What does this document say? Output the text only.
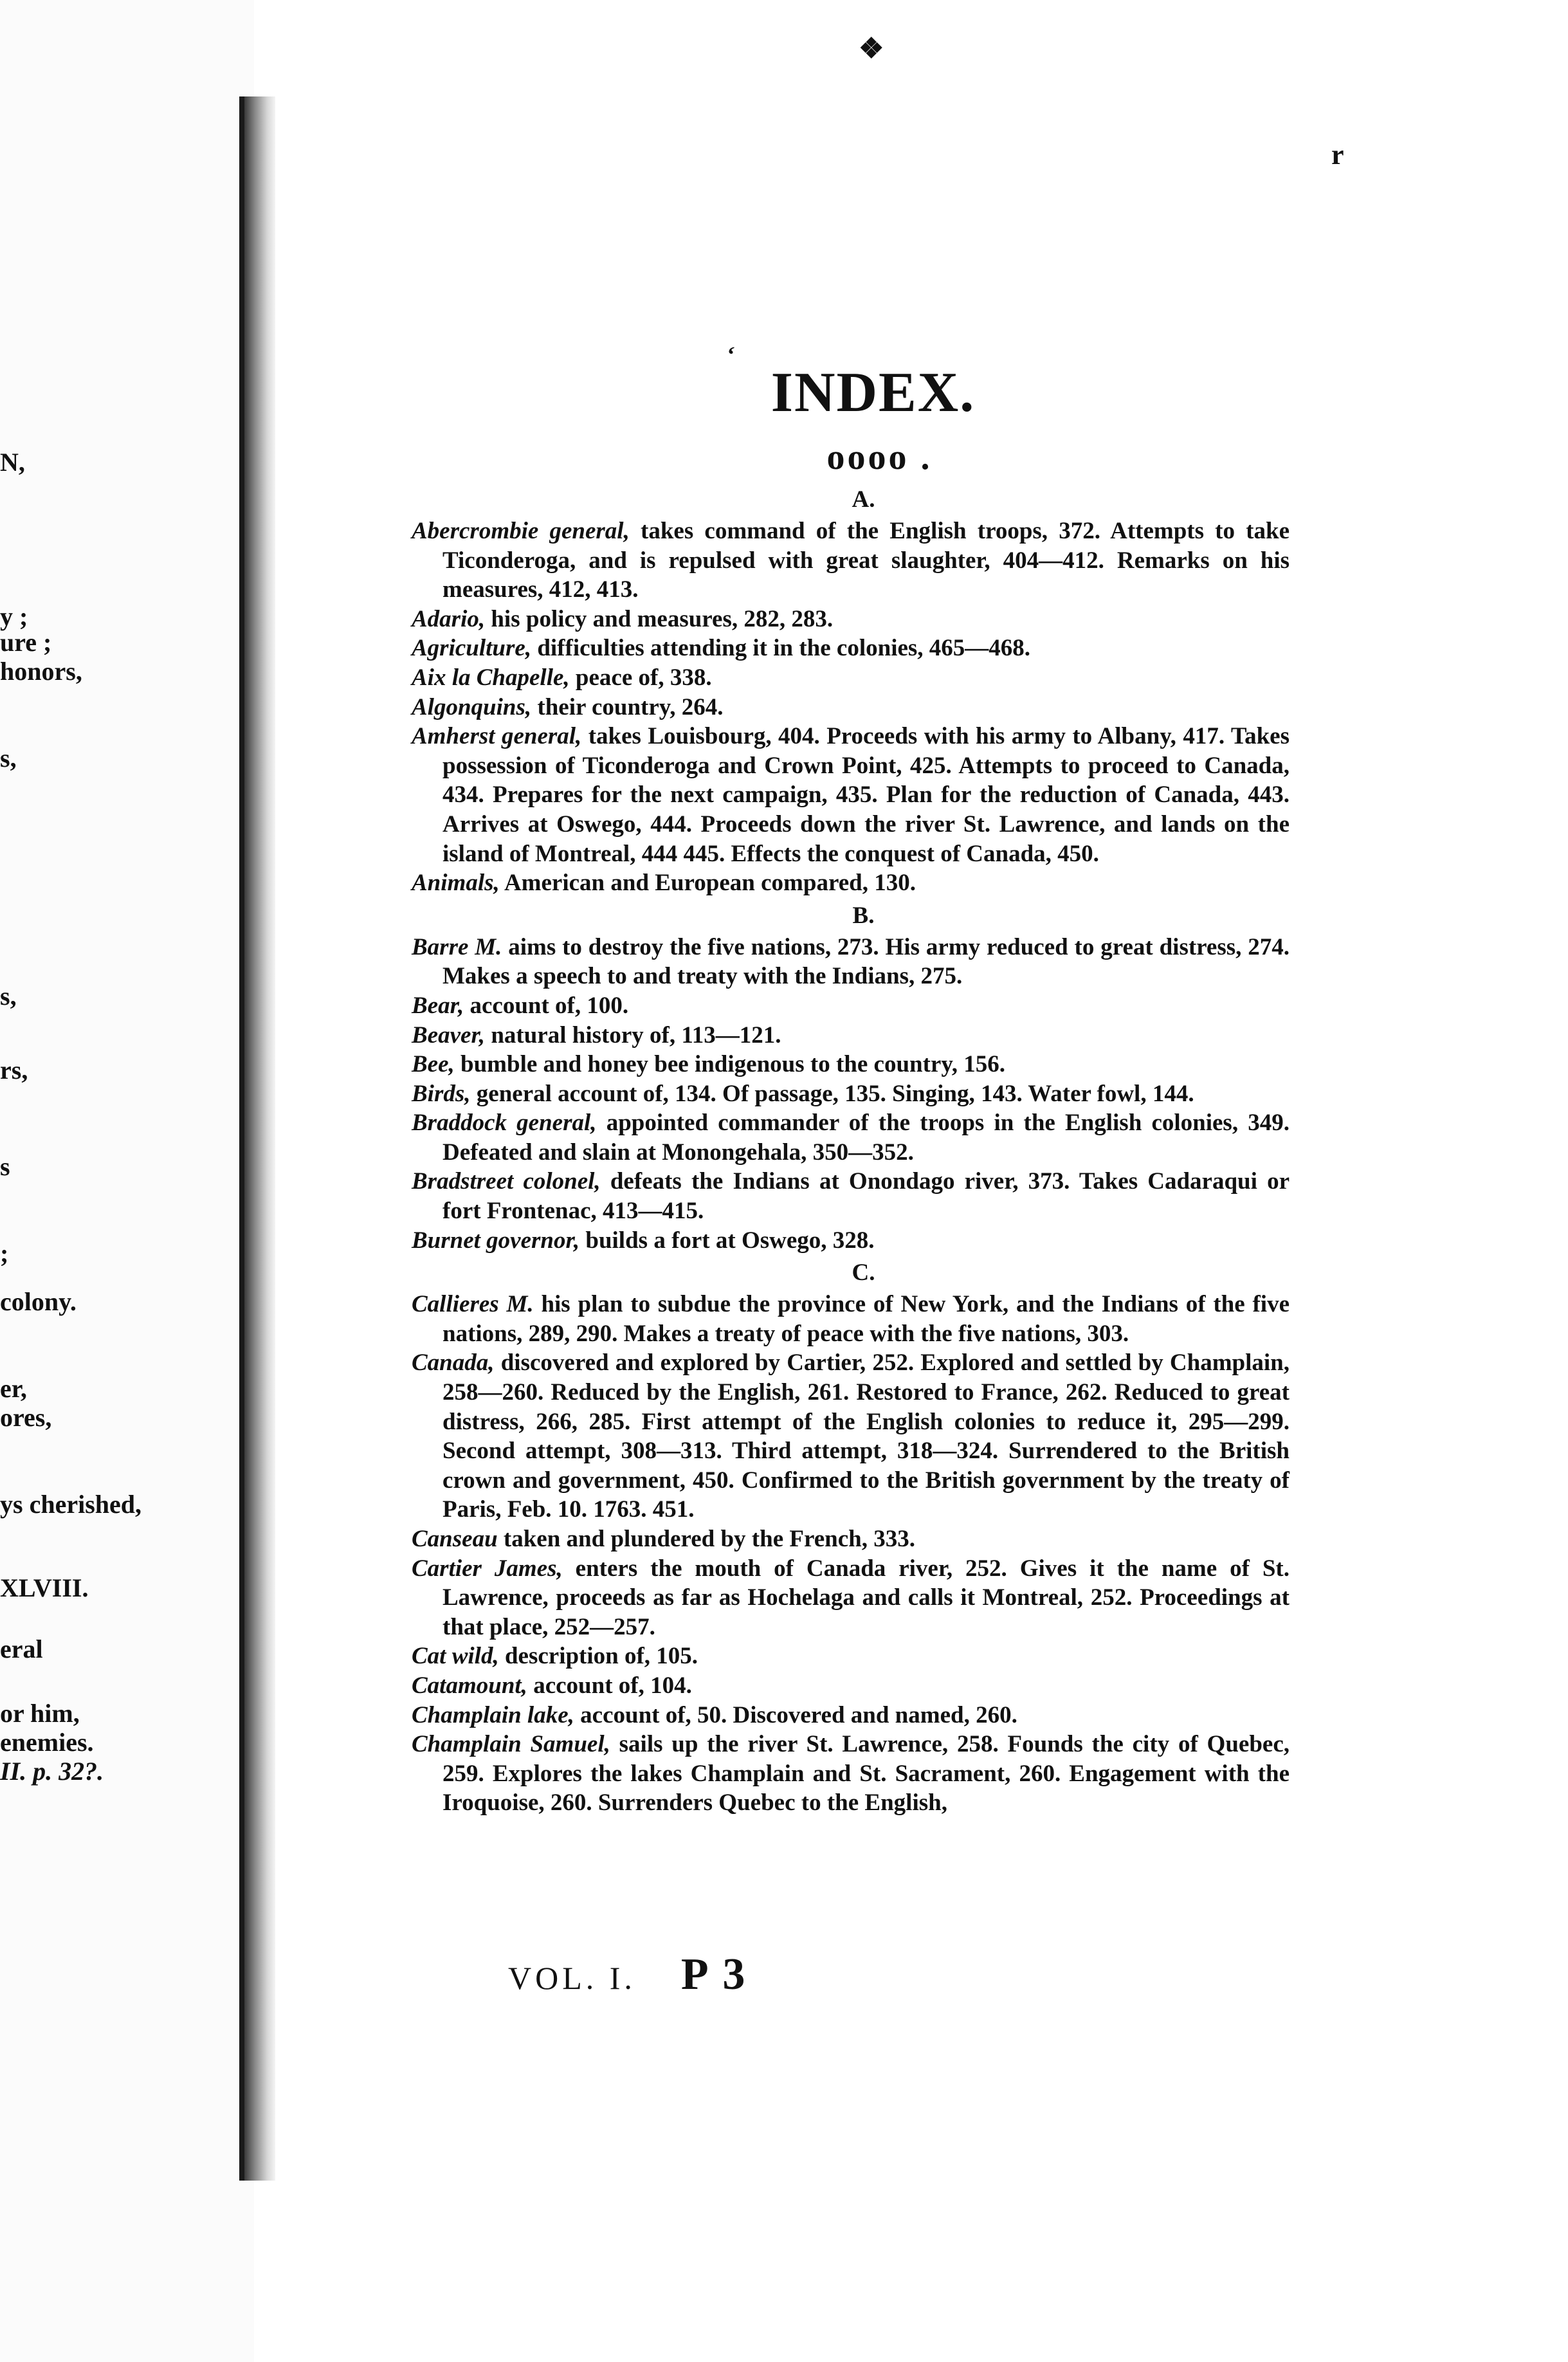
N,
y ;
ure ;
honors,
s,
s,
rs,
s
;
colony.
er,
ores,
ys cherished,
XLVIII.
eral
or him,
enemies.
II. p. 32?.
❖
r
‘
INDEX.
oooo .
A.
Abercrombie general, takes command of the English troops, 372. Attempts to take Ticonderoga, and is repulsed with great slaughter, 404—412. Remarks on his measures, 412, 413.
Adario, his policy and measures, 282, 283.
Agriculture, difficulties attending it in the colonies, 465—468.
Aix la Chapelle, peace of, 338.
Algonquins, their country, 264.
Amherst general, takes Louisbourg, 404. Proceeds with his army to Albany, 417. Takes possession of Ticonderoga and Crown Point, 425. Attempts to proceed to Canada, 434. Prepares for the next campaign, 435. Plan for the reduction of Canada, 443. Arrives at Oswego, 444. Proceeds down the river St. Lawrence, and lands on the island of Montreal, 444 445. Effects the conquest of Canada, 450.
Animals, American and European compared, 130.
B.
Barre M. aims to destroy the five nations, 273. His army reduced to great distress, 274. Makes a speech to and treaty with the Indians, 275.
Bear, account of, 100.
Beaver, natural history of, 113—121.
Bee, bumble and honey bee indigenous to the country, 156.
Birds, general account of, 134. Of passage, 135. Singing, 143. Water fowl, 144.
Braddock general, appointed commander of the troops in the English colonies, 349. Defeated and slain at Monongehala, 350—352.
Bradstreet colonel, defeats the Indians at Onondago river, 373. Takes Cadaraqui or fort Frontenac, 413—415.
Burnet governor, builds a fort at Oswego, 328.
C.
Callieres M. his plan to subdue the province of New York, and the Indians of the five nations, 289, 290. Makes a treaty of peace with the five nations, 303.
Canada, discovered and explored by Cartier, 252. Explored and settled by Champlain, 258—260. Reduced by the English, 261. Restored to France, 262. Reduced to great distress, 266, 285. First attempt of the English colonies to reduce it, 295—299. Second attempt, 308—313. Third attempt, 318—324. Surrendered to the British crown and government, 450. Confirmed to the British government by the treaty of Paris, Feb. 10. 1763. 451.
Canseau taken and plundered by the French, 333.
Cartier James, enters the mouth of Canada river, 252. Gives it the name of St. Lawrence, proceeds as far as Hochelaga and calls it Montreal, 252. Proceedings at that place, 252—257.
Cat wild, description of, 105.
Catamount, account of, 104.
Champlain lake, account of, 50. Discovered and named, 260.
Champlain Samuel, sails up the river St. Lawrence, 258. Founds the city of Quebec, 259. Explores the lakes Champlain and St. Sacrament, 260. Engagement with the Iroquoise, 260. Surrenders Quebec to the English,
VOL. I. P 3
